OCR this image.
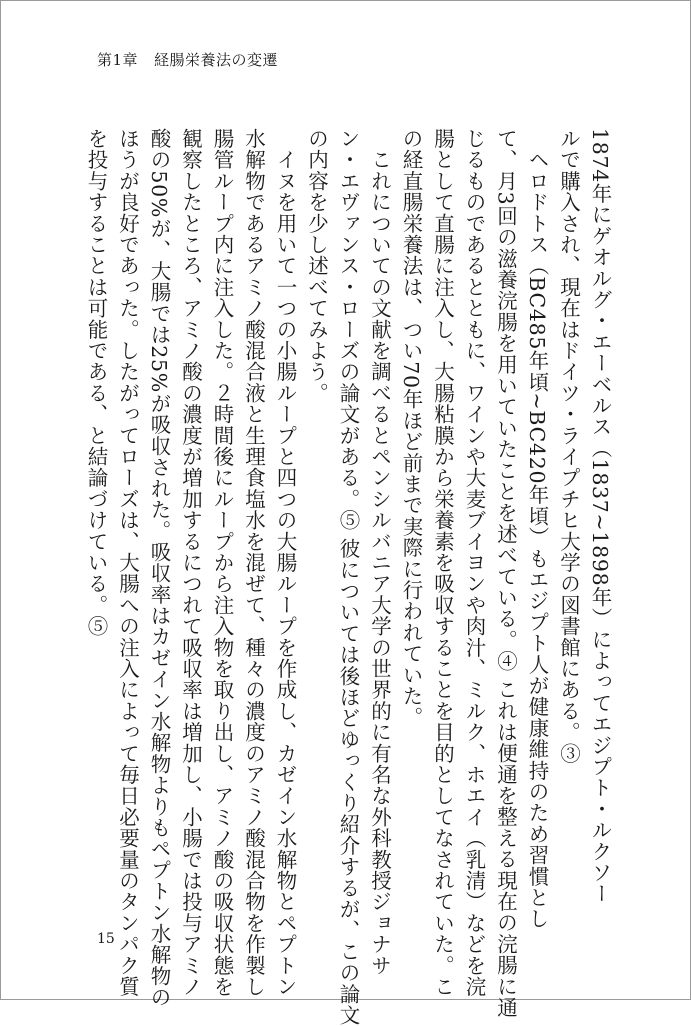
第1章 経腸栄養法の変遷

1874年にゲオルグ・エーベルス（1837~1898年）によってエジプト・ルクソー

ルで購入され、現在はドイツ・ライプチヒ大学の図書館にある。③

　ヘロドトス（BC485年頃~BC420年頃）もエジプト人が健康維持のため習慣とし

て、月3回の滋養浣腸を用いていたことを述べている。④ これは便通を整える現在の浣腸に通

じるものであるとともに、ワインや大麦ブイヨンや肉汁、ミルク、ホエイ（乳清）などを浣

腸として直腸に注入し、大腸粘膜から栄養素を吸収することを目的としてなされていた。こ

の経直腸栄養法は、つい70年ほど前まで実際に行われていた。

　これについての文献を調べるとペンシルバニア大学の世界的に有名な外科教授ジョナサ

ン・エヴァンス・ローズの論文がある。⑤ 彼については後ほどゆっくり紹介するが、この論文

の内容を少し述べてみよう。

　イヌを用いて一つの小腸ループと四つの大腸ループを作成し、カゼイン水解物とペプトン

水解物であるアミノ酸混合液と生理食塩水を混ぜて、種々の濃度のアミノ酸混合物を作製し

腸管ループ内に注入した。２時間後にループから注入物を取り出し、アミノ酸の吸収状態を

観察したところ、アミノ酸の濃度が増加するにつれて吸収率は増加し、小腸では投与アミノ

酸の50%が、大腸では25%が吸収された。吸収率はカゼイン水解物よりもペプトン水解物の

ほうが良好であった。したがってローズは、大腸への注入によって毎日必要量のタンパク質

を投与することは可能である、と結論づけている。⑤

15
